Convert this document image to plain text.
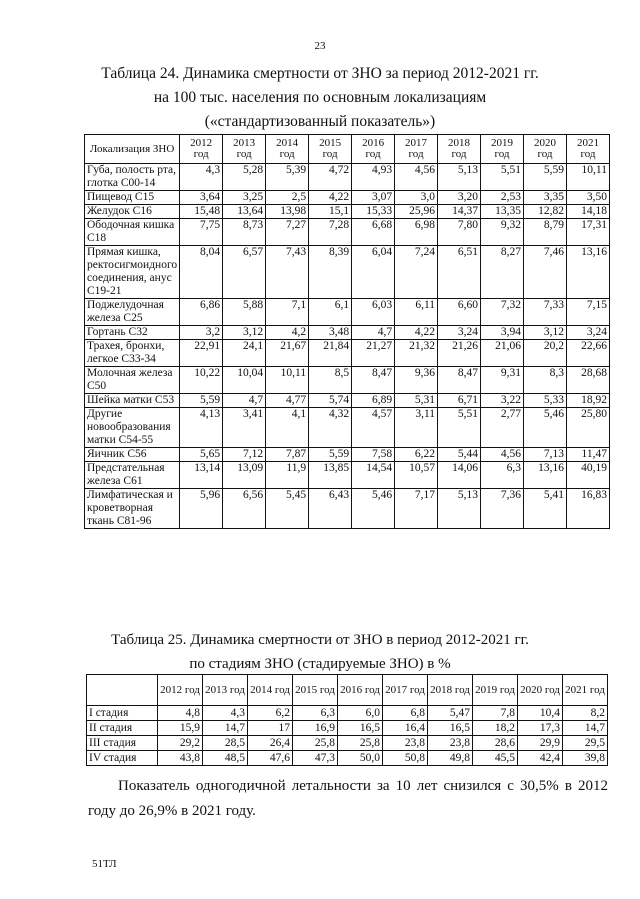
23
Таблица 24. Динамика смертности от ЗНО за период 2012-2021 гг.
на 100 тыс. населения по основным локализациям
(«стандартизованный показатель»)
Локализация ЗНО	2012 год	2013 год	2014 год	2015 год	2016 год	2017 год	2018 год	2019 год	2020 год	2021 год
Губа, полость рта, глотка С00-14	4,3	5,28	5,39	4,72	4,93	4,56	5,13	5,51	5,59	10,11
Пищевод С15	3,64	3,25	2,5	4,22	3,07	3,0	3,20	2,53	3,35	3,50
Желудок С16	15,48	13,64	13,98	15,1	15,33	25,96	14,37	13,35	12,82	14,18
Ободочная кишка С18	7,75	8,73	7,27	7,28	6,68	6,98	7,80	9,32	8,79	17,31
Прямая кишка, ректосигмоидного соединения, анус С19-21	8,04	6,57	7,43	8,39	6,04	7,24	6,51	8,27	7,46	13,16
Поджелудочная железа С25	6,86	5,88	7,1	6,1	6,03	6,11	6,60	7,32	7,33	7,15
Гортань С32	3,2	3,12	4,2	3,48	4,7	4,22	3,24	3,94	3,12	3,24
Трахея, бронхи, легкое С33-34	22,91	24,1	21,67	21,84	21,27	21,32	21,26	21,06	20,2	22,66
Молочная железа С50	10,22	10,04	10,11	8,5	8,47	9,36	8,47	9,31	8,3	28,68
Шейка матки С53	5,59	4,7	4,77	5,74	6,89	5,31	6,71	3,22	5,33	18,92
Другие новообразования матки С54-55	4,13	3,41	4,1	4,32	4,57	3,11	5,51	2,77	5,46	25,80
Яичник С56	5,65	7,12	7,87	5,59	7,58	6,22	5,44	4,56	7,13	11,47
Предстательная железа С61	13,14	13,09	11,9	13,85	14,54	10,57	14,06	6,3	13,16	40,19
Лимфатическая и кроветворная ткань С81-96	5,96	6,56	5,45	6,43	5,46	7,17	5,13	7,36	5,41	16,83
Таблица 25. Динамика смертности от ЗНО в период 2012-2021 гг.
по стадиям ЗНО (стадируемые ЗНО) в %
	2012 год	2013 год	2014 год	2015 год	2016 год	2017 год	2018 год	2019 год	2020 год	2021 год
I стадия	4,8	4,3	6,2	6,3	6,0	6,8	5,47	7,8	10,4	8,2
II стадия	15,9	14,7	17	16,9	16,5	16,4	16,5	18,2	17,3	14,7
III стадия	29,2	28,5	26,4	25,8	25,8	23,8	23,8	28,6	29,9	29,5
IV стадия	43,8	48,5	47,6	47,3	50,0	50,8	49,8	45,5	42,4	39,8
Показатель одногодичной летальности за 10 лет снизился с 30,5% в 2012 году до 26,9% в 2021 году.
51ТЛ
